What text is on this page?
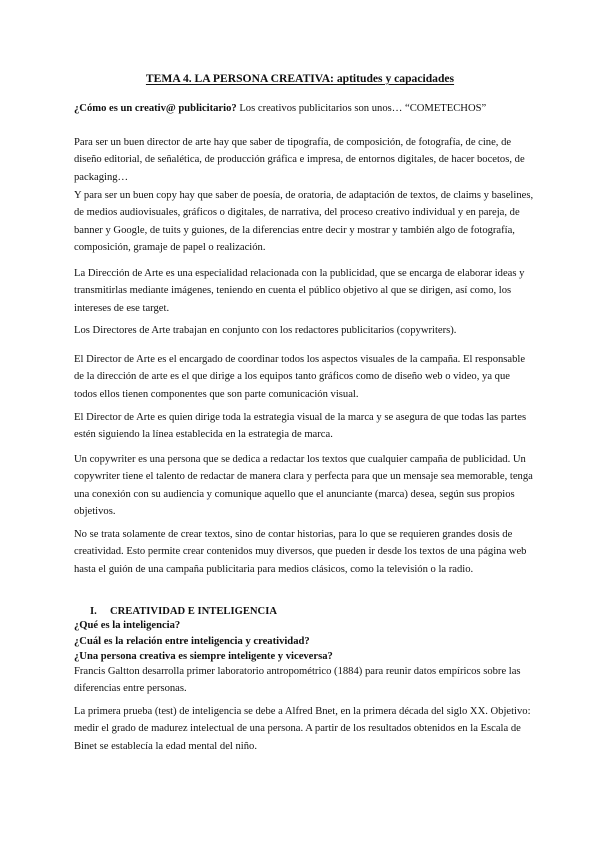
TEMA 4. LA PERSONA CREATIVA: aptitudes y capacidades

¿Cómo es un creativ@ publicitario? Los creativos publicitarios son unos… “COMETECHOS”

Para ser un buen director de arte hay que saber de tipografía, de composición, de fotografía, de cine, de diseño editorial, de señalética, de producción gráfica e impresa, de entornos digitales, de hacer bocetos, de packaging…

Y para ser un buen copy hay que saber de poesía, de oratoria, de adaptación de textos, de claims y baselines, de medios audiovisuales, gráficos o digitales, de narrativa, del proceso creativo individual y en pareja, de banner y Google, de tuits y guiones, de la diferencias entre decir y mostrar y también algo de fotografía, composición, gramaje de papel o realización.

La Dirección de Arte es una especialidad relacionada con la publicidad, que se encarga de elaborar ideas y transmitirlas mediante imágenes, teniendo en cuenta el público objetivo al que se dirigen, así como, los intereses de ese target.

Los Directores de Arte trabajan en conjunto con los redactores publicitarios (copywriters).

El Director de Arte es el encargado de coordinar todos los aspectos visuales de la campaña. El responsable de la dirección de arte es el que dirige a los equipos tanto gráficos como de diseño web o video, ya que todos ellos tienen componentes que son parte comunicación visual.

El Director de Arte es quien dirige toda la estrategia visual de la marca y se asegura de que todas las partes estén siguiendo la línea establecida en la estrategia de marca.

Un copywriter es una persona que se dedica a redactar los textos que cualquier campaña de publicidad. Un copywriter tiene el talento de redactar de manera clara y perfecta para que un mensaje sea memorable, tenga una conexión con su audiencia y comunique aquello que el anunciante (marca) desea, según sus propios objetivos.

No se trata solamente de crear textos, sino de contar historias, para lo que se requieren grandes dosis de creatividad. Esto permite crear contenidos muy diversos, que pueden ir desde los textos de una página web hasta el guión de una campaña publicitaria para medios clásicos, como la televisión o la radio.

I. CREATIVIDAD E INTELIGENCIA
¿Qué es la inteligencia?
¿Cuál es la relación entre inteligencia y creatividad?
¿Una persona creativa es siempre inteligente y viceversa?

Francis Galtton desarrolla primer laboratorio antropométrico (1884) para reunir datos empíricos sobre las diferencias entre personas.

La primera prueba (test) de inteligencia se debe a Alfred Bnet, en la primera década del siglo XX. Objetivo: medir el grado de madurez intelectual de una persona. A partir de los resultados obtenidos en la Escala de Binet se establecía la edad mental del niño.
